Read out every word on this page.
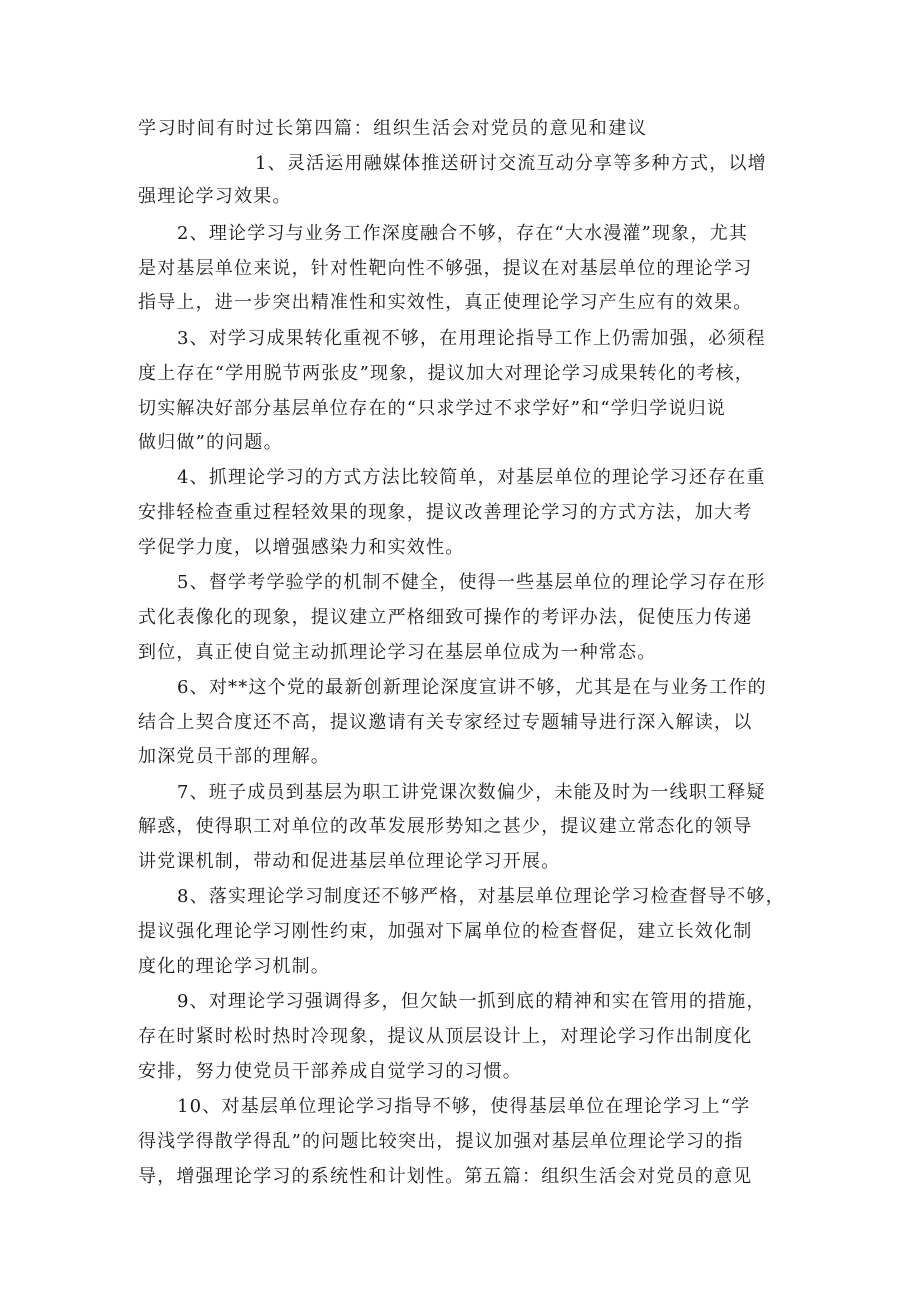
学习时间有时过长第四篇：组织生活会对党员的意见和建议
1、灵活运用融媒体推送研讨交流互动分享等多种方式，以增
强理论学习效果。
2、理论学习与业务工作深度融合不够，存在“大水漫灌”现象，尤其
是对基层单位来说，针对性靶向性不够强，提议在对基层单位的理论学习
指导上，进一步突出精准性和实效性，真正使理论学习产生应有的效果。
3、对学习成果转化重视不够，在用理论指导工作上仍需加强，必须程
度上存在“学用脱节两张皮”现象，提议加大对理论学习成果转化的考核，
切实解决好部分基层单位存在的“只求学过不求学好”和“学归学说归说
做归做”的问题。
4、抓理论学习的方式方法比较简单，对基层单位的理论学习还存在重
安排轻检查重过程轻效果的现象，提议改善理论学习的方式方法，加大考
学促学力度，以增强感染力和实效性。
5、督学考学验学的机制不健全，使得一些基层单位的理论学习存在形
式化表像化的现象，提议建立严格细致可操作的考评办法，促使压力传递
到位，真正使自觉主动抓理论学习在基层单位成为一种常态。
6、对**这个党的最新创新理论深度宣讲不够，尤其是在与业务工作的
结合上契合度还不高，提议邀请有关专家经过专题辅导进行深入解读，以
加深党员干部的理解。
7、班子成员到基层为职工讲党课次数偏少，未能及时为一线职工释疑
解惑，使得职工对单位的改革发展形势知之甚少，提议建立常态化的领导
讲党课机制，带动和促进基层单位理论学习开展。
8、落实理论学习制度还不够严格，对基层单位理论学习检查督导不够，
提议强化理论学习刚性约束，加强对下属单位的检查督促，建立长效化制
度化的理论学习机制。
9、对理论学习强调得多，但欠缺一抓到底的精神和实在管用的措施，
存在时紧时松时热时冷现象，提议从顶层设计上，对理论学习作出制度化
安排，努力使党员干部养成自觉学习的习惯。
10、对基层单位理论学习指导不够，使得基层单位在理论学习上“学
得浅学得散学得乱”的问题比较突出，提议加强对基层单位理论学习的指
导，增强理论学习的系统性和计划性。第五篇：组织生活会对党员的意见
